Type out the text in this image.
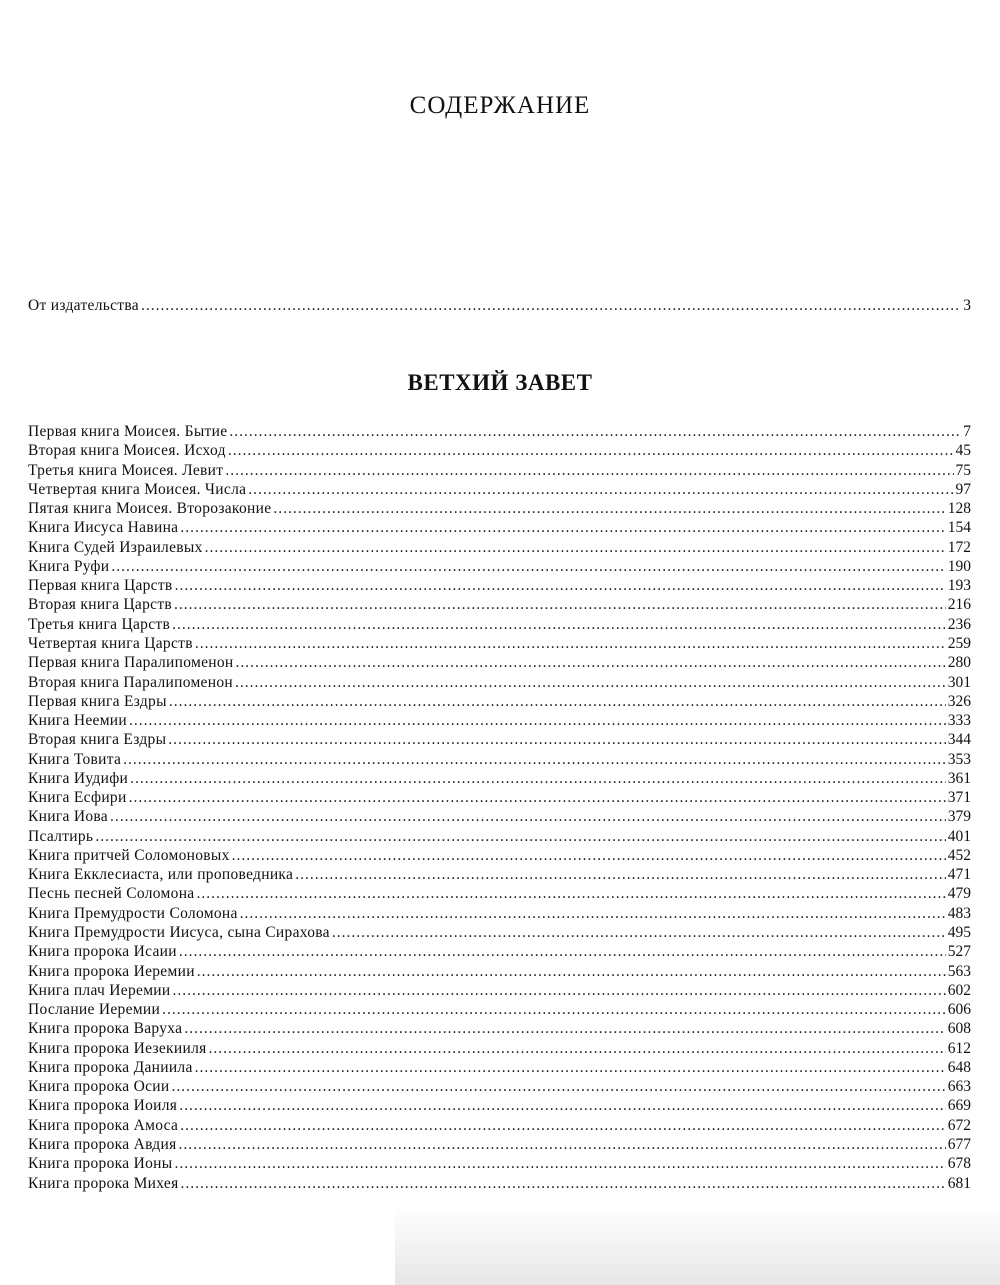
СОДЕРЖАНИЕ
От издательства .....	3
ВЕТХИЙ ЗАВЕТ
Первая книга Моисея. Бытие .....	7
Вторая книга Моисея. Исход .....	45
Третья книга Моисея. Левит .....	75
Четвертая книга Моисея. Числа .....	97
Пятая книга Моисея. Второзаконие .....	128
Книга Иисуса Навина .....	154
Книга Судей Израилевых .....	172
Книга Руфи .....	190
Первая книга Царств .....	193
Вторая книга Царств .....	216
Третья книга Царств .....	236
Четвертая книга Царств .....	259
Первая книга Паралипоменон .....	280
Вторая книга Паралипоменон .....	301
Первая книга Ездры .....	326
Книга Неемии .....	333
Вторая книга Ездры .....	344
Книга Товита .....	353
Книга Иудифи .....	361
Книга Есфири .....	371
Книга Иова .....	379
Псалтирь .....	401
Книга притчей Соломоновых .....	452
Книга Екклесиаста, или проповедника .....	471
Песнь песней Соломона .....	479
Книга Премудрости Соломона .....	483
Книга Премудрости Иисуса, сына Сирахова .....	495
Книга пророка Исаии .....	527
Книга пророка Иеремии .....	563
Книга плач Иеремии .....	602
Послание Иеремии .....	606
Книга пророка Варуха .....	608
Книга пророка Иезекииля .....	612
Книга пророка Даниила .....	648
Книга пророка Осии .....	663
Книга пророка Иоиля .....	669
Книга пророка Амоса .....	672
Книга пророка Авдия .....	677
Книга пророка Ионы .....	678
Книга пророка Михея .....	681
